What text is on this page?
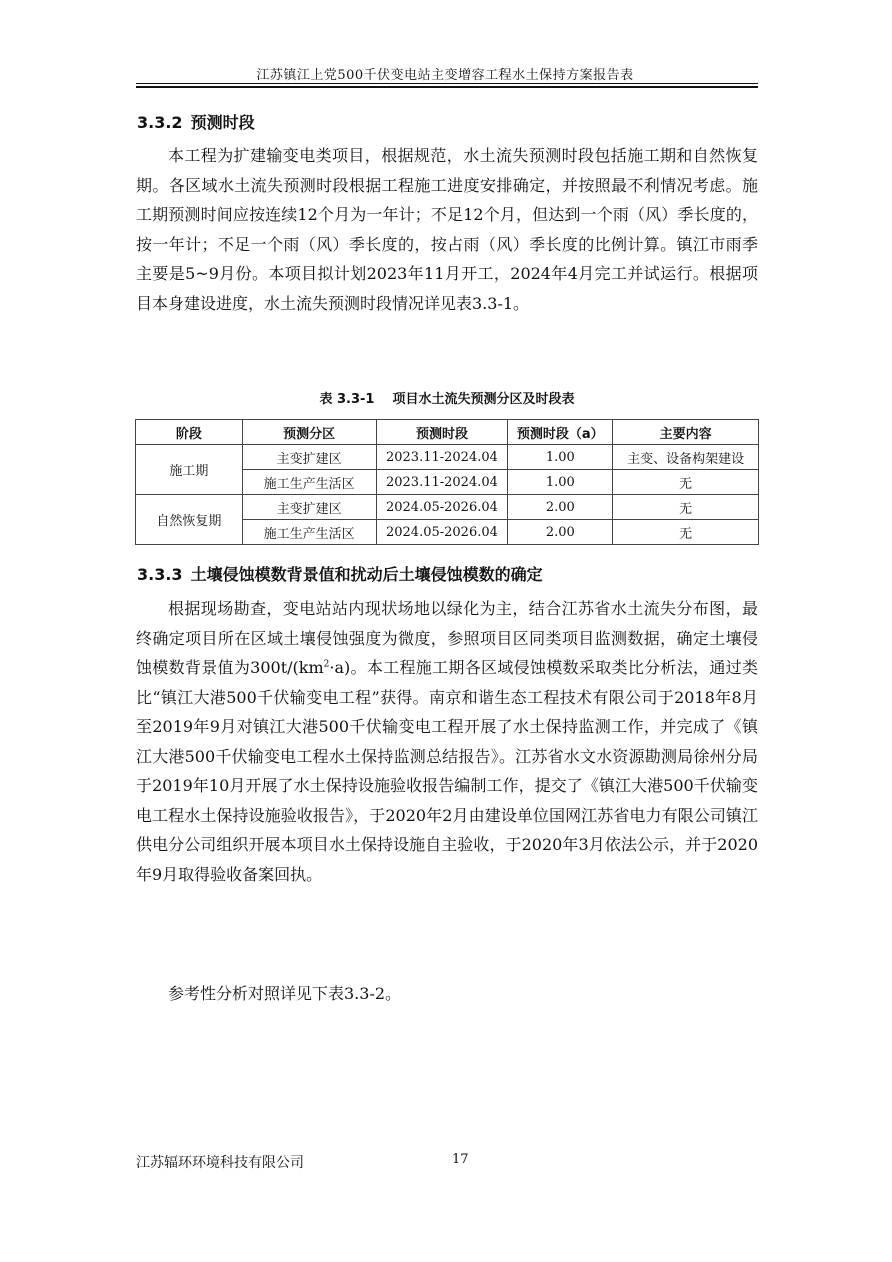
江苏镇江上党500千伏变电站主变增容工程水土保持方案报告表
3.3.2 预测时段

本工程为扩建输变电类项目，根据规范，水土流失预测时段包括施工期和自然恢复期。各区域水土流失预测时段根据工程施工进度安排确定，并按照最不利情况考虑。施工期预测时间应按连续12个月为一年计；不足12个月，但达到一个雨（风）季长度的，按一年计；不足一个雨（风）季长度的，按占雨（风）季长度的比例计算。镇江市雨季主要是5~9月份。本项目拟计划2023年11月开工，2024年4月完工并试运行。根据项目本身建设进度，水土流失预测时段情况详见表3.3-1。

表 3.3-1 项目水土流失预测分区及时段表
阶段	预测分区	预测时段	预测时段（a）	主要内容
施工期	主变扩建区	2023.11-2024.04	1.00	主变、设备构架建设
	施工生产生活区	2023.11-2024.04	1.00	无
自然恢复期	主变扩建区	2024.05-2026.04	2.00	无
	施工生产生活区	2024.05-2026.04	2.00	无
3.3.3 土壤侵蚀模数背景值和扰动后土壤侵蚀模数的确定

根据现场勘查，变电站站内现状场地以绿化为主，结合江苏省水土流失分布图，最终确定项目所在区域土壤侵蚀强度为微度，参照项目区同类项目监测数据，确定土壤侵蚀模数背景值为$300t/(km^2\cdot a)$。本工程施工期各区域侵蚀模数采取类比分析法，通过类比“镇江大港500千伏输变电工程”获得。南京和谐生态工程技术有限公司于2018年8月至2019年9月对镇江大港500千伏输变电工程开展了水土保持监测工作，并完成了《镇江大港500千伏输变电工程水土保持监测总结报告》。江苏省水文水资源勘测局徐州分局于2019年10月开展了水土保持设施验收报告编制工作，提交了《镇江大港500千伏输变电工程水土保持设施验收报告》，于2020年2月由建设单位国网江苏省电力有限公司镇江供电分公司组织开展本项目水土保持设施自主验收，于2020年3月依法公示，并于2020年9月取得验收备案回执。

参考性分析对照详见下表3.3-2。

江苏辐环环境科技有限公司	17
